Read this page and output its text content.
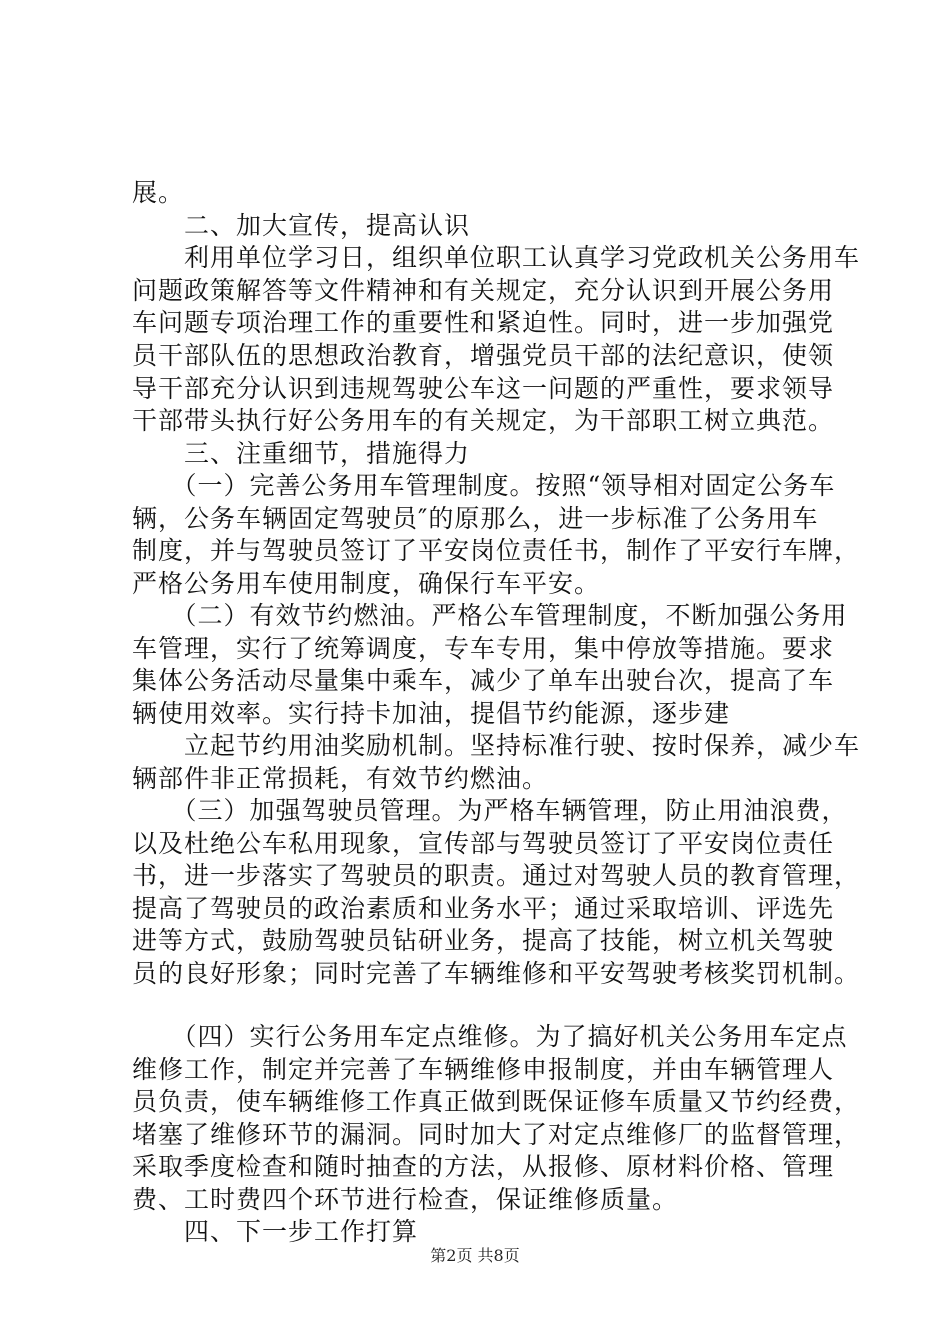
展。
　　二、加大宣传，提高认识
　　利用单位学习日，组织单位职工认真学习党政机关公务用车
问题政策解答等文件精神和有关规定，充分认识到开展公务用
车问题专项治理工作的重要性和紧迫性。同时，进一步加强党
员干部队伍的思想政治教育，增强党员干部的法纪意识，使领
导干部充分认识到违规驾驶公车这一问题的严重性，要求领导
干部带头执行好公务用车的有关规定，为干部职工树立典范。
　　三、注重细节，措施得力
　　（一）完善公务用车管理制度。按照“领导相对固定公务车
辆，公务车辆固定驾驶员″的原那么，进一步标准了公务用车
制度，并与驾驶员签订了平安岗位责任书，制作了平安行车牌，
严格公务用车使用制度，确保行车平安。
　　（二）有效节约燃油。严格公车管理制度，不断加强公务用
车管理，实行了统筹调度，专车专用，集中停放等措施。要求
集体公务活动尽量集中乘车，减少了单车出驶台次，提高了车
辆使用效率。实行持卡加油，提倡节约能源，逐步建
　　立起节约用油奖励机制。坚持标准行驶、按时保养，减少车
辆部件非正常损耗，有效节约燃油。
　　（三）加强驾驶员管理。为严格车辆管理，防止用油浪费，
以及杜绝公车私用现象，宣传部与驾驶员签订了平安岗位责任
书，进一步落实了驾驶员的职责。通过对驾驶人员的教育管理，
提高了驾驶员的政治素质和业务水平；通过采取培训、评选先
进等方式，鼓励驾驶员钻研业务，提高了技能，树立机关驾驶
员的良好形象；同时完善了车辆维修和平安驾驶考核奖罚机制。
　　（四）实行公务用车定点维修。为了搞好机关公务用车定点
维修工作，制定并完善了车辆维修申报制度，并由车辆管理人
员负责，使车辆维修工作真正做到既保证修车质量又节约经费，
堵塞了维修环节的漏洞。同时加大了对定点维修厂的监督管理，
采取季度检查和随时抽查的方法，从报修、原材料价格、管理
费、工时费四个环节进行检查，保证维修质量。
　　四、下一步工作打算
第2页 共8页
